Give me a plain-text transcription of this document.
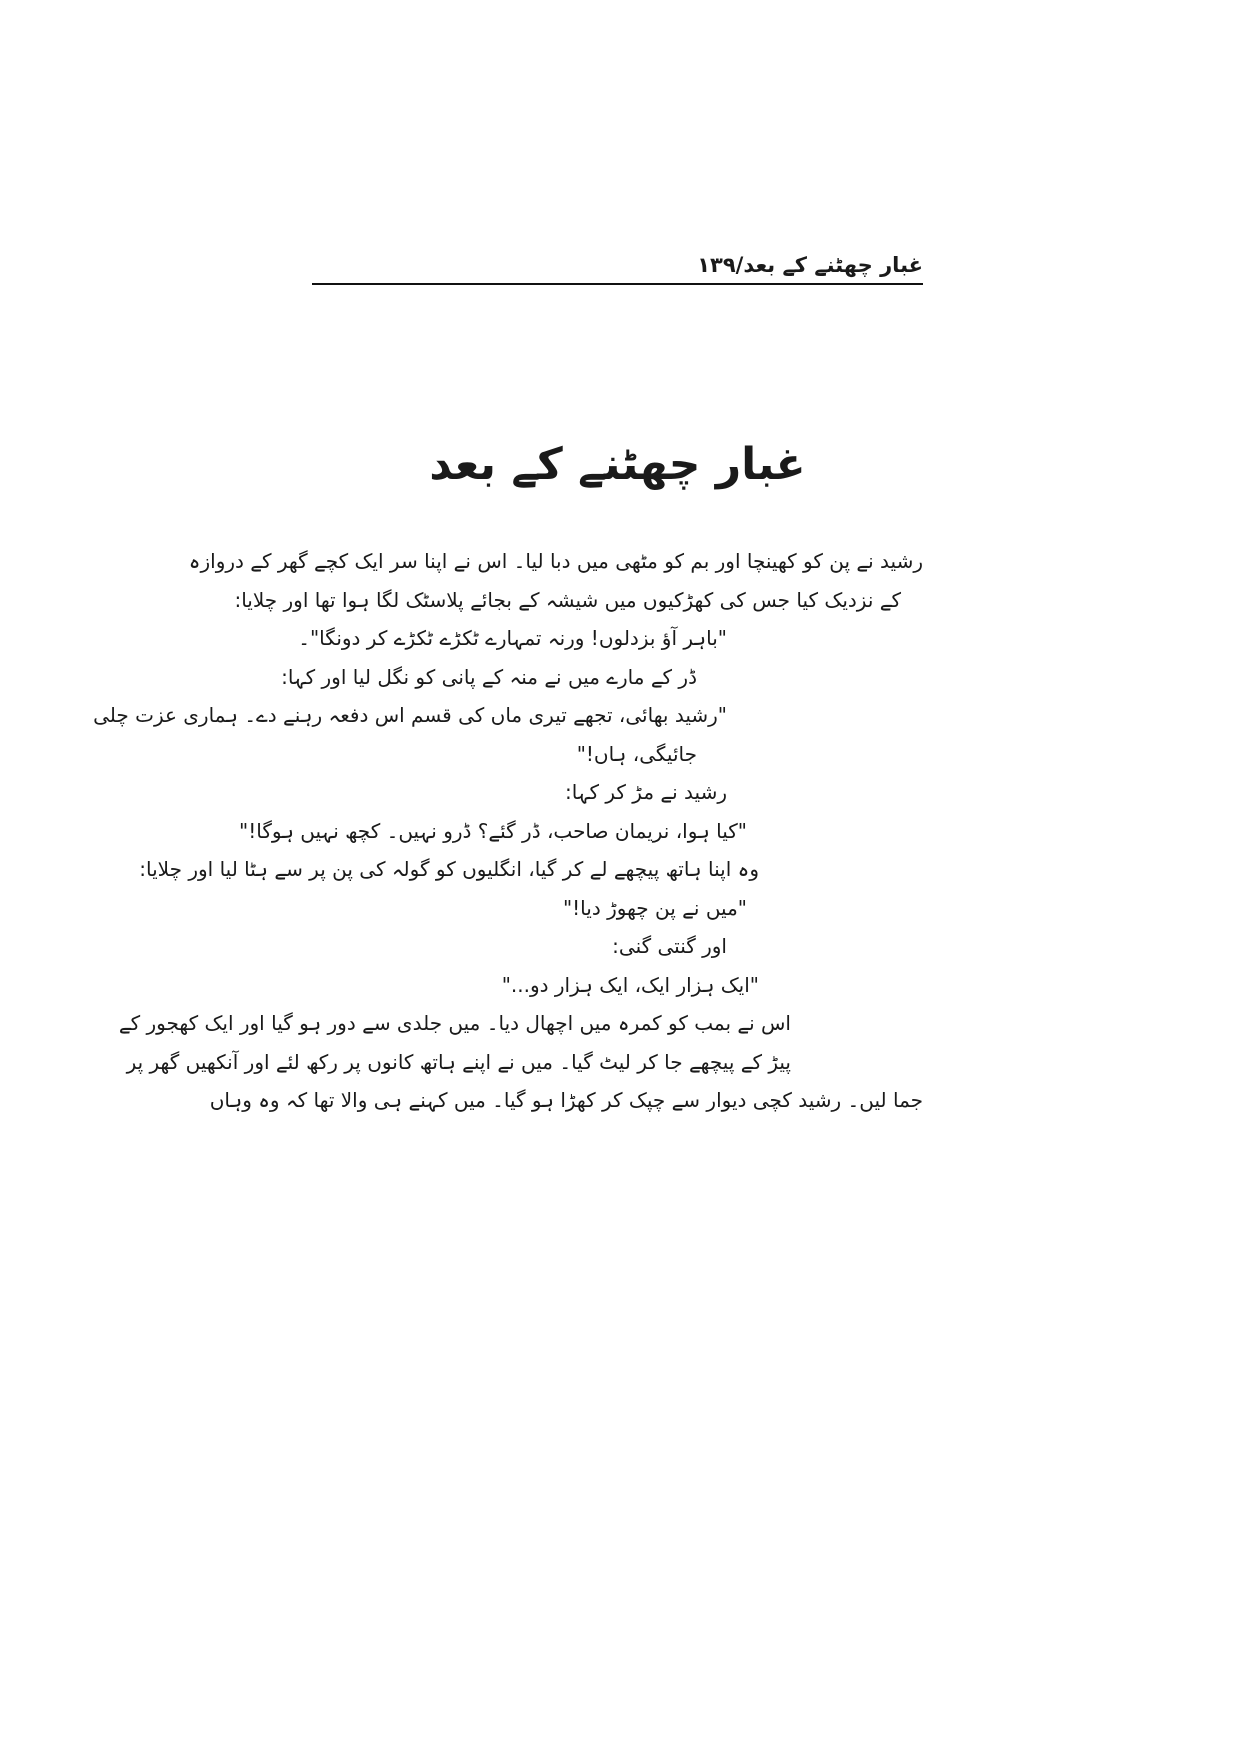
غبار چھٹنے کے بعد/۱۳۹
غبار چھٹنے کے بعد
رشید نے پن کو کھینچا اور بم کو مٹھی میں دبا لیا۔ اس نے اپنا سر ایک کچے گھر کے دروازہ
کے نزدیک کیا جس کی کھڑکیوں میں شیشہ کے بجائے پلاسٹک لگا ہوا تھا اور چلایا:
"باہر آؤ بزدلوں! ورنہ تمہارے ٹکڑے ٹکڑے کر دونگا"۔
ڈر کے مارے میں نے منہ کے پانی کو نگل لیا اور کہا:
"رشید بھائی، تجھے تیری ماں کی قسم اس دفعہ رہنے دے۔ ہماری عزت چلی
جائیگی، ہاں!"
رشید نے مڑ کر کہا:
"کیا ہوا، نریمان صاحب، ڈر گئے؟ ڈرو نہیں۔ کچھ نہیں ہوگا!"
وہ اپنا ہاتھ پیچھے لے کر گیا، انگلیوں کو گولہ کی پن پر سے ہٹا لیا اور چلایا:
"میں نے پن چھوڑ دیا!"
اور گنتی گنی:
"ایک ہزار ایک، ایک ہزار دو..."
اس نے بمب کو کمرہ میں اچھال دیا۔ میں جلدی سے دور ہو گیا اور ایک کھجور کے
پیڑ کے پیچھے جا کر لیٹ گیا۔ میں نے اپنے ہاتھ کانوں پر رکھ لئے اور آنکھیں گھر پر
جما لیں۔ رشید کچی دیوار سے چپک کر کھڑا ہو گیا۔ میں کہنے ہی والا تھا کہ وہ وہاں
